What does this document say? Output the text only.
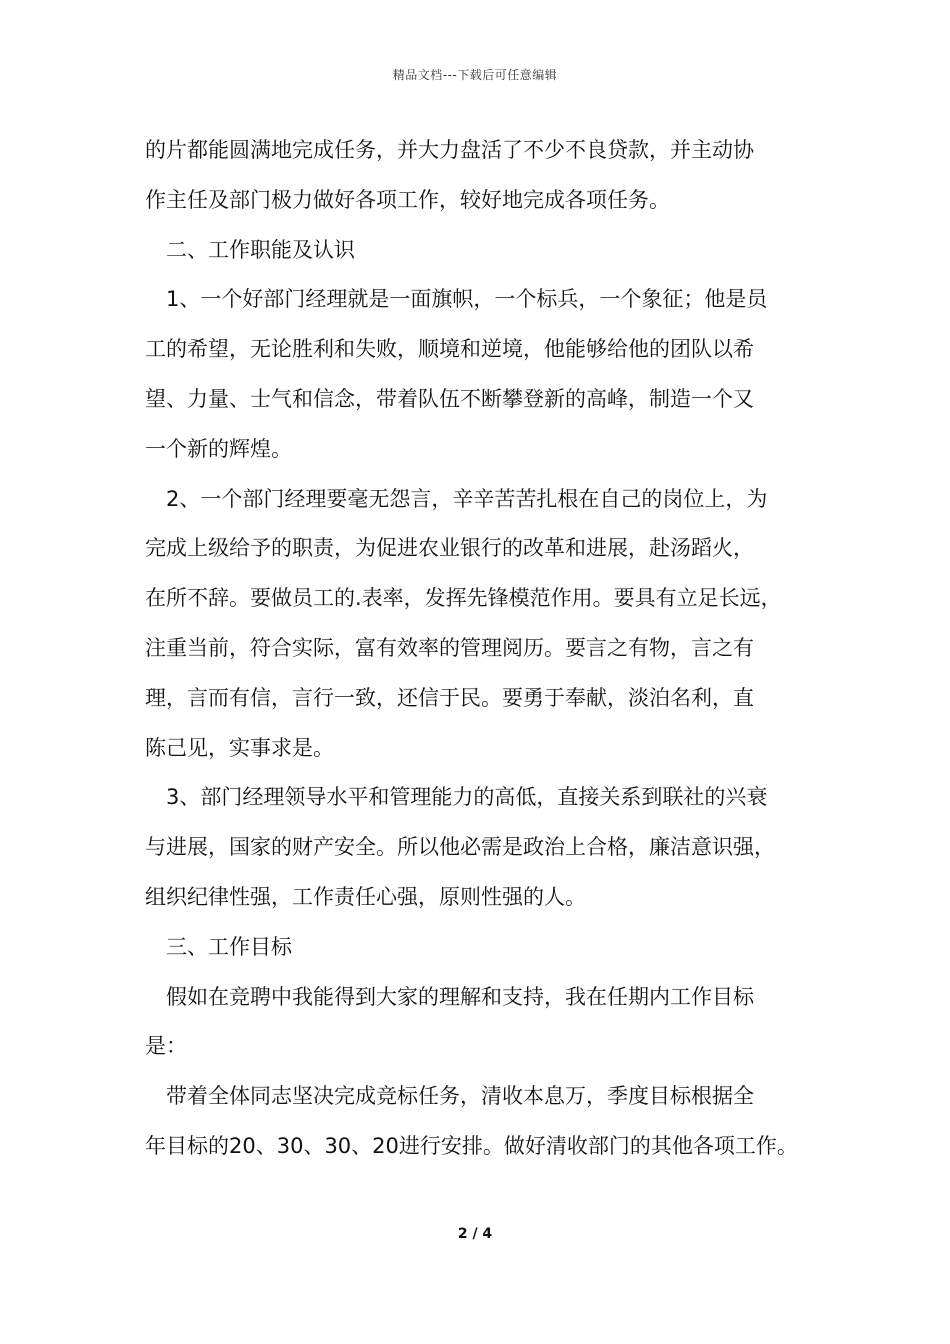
精品文档---下载后可任意编辑
的片都能圆满地完成任务，并大力盘活了不少不良贷款，并主动协
作主任及部门极力做好各项工作，较好地完成各项任务。
　二、工作职能及认识
　1、一个好部门经理就是一面旗帜，一个标兵，一个象征；他是员
工的希望，无论胜利和失败，顺境和逆境，他能够给他的团队以希
望、力量、士气和信念，带着队伍不断攀登新的高峰，制造一个又
一个新的辉煌。
　2、一个部门经理要毫无怨言，辛辛苦苦扎根在自己的岗位上，为
完成上级给予的职责，为促进农业银行的改革和进展，赴汤蹈火，
在所不辞。要做员工的.表率，发挥先锋模范作用。要具有立足长远，
注重当前，符合实际，富有效率的管理阅历。要言之有物，言之有
理，言而有信，言行一致，还信于民。要勇于奉献，淡泊名利，直
陈己见，实事求是。
　3、部门经理领导水平和管理能力的高低，直接关系到联社的兴衰
与进展，国家的财产安全。所以他必需是政治上合格，廉洁意识强，
组织纪律性强，工作责任心强，原则性强的人。
　三、工作目标
　假如在竞聘中我能得到大家的理解和支持，我在任期内工作目标
是：
　带着全体同志坚决完成竞标任务，清收本息万，季度目标根据全
年目标的20、30、30、20进行安排。做好清收部门的其他各项工作。
2 / 4
